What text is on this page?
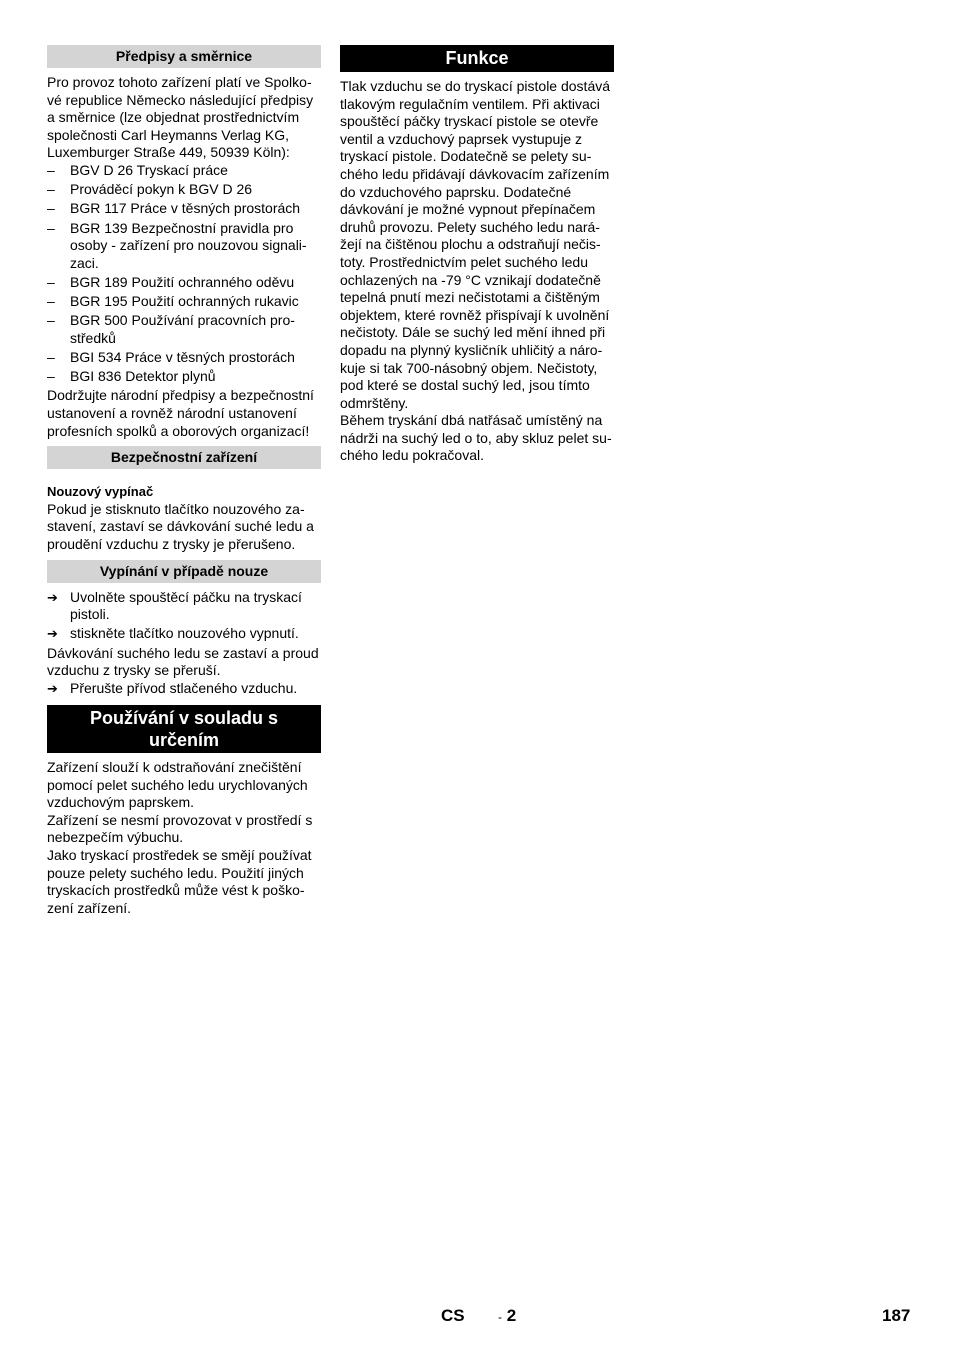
Předpisy a směrnice

Pro provoz tohoto zařízení platí ve Spolkové republice Německo následující předpisy a směrnice (lze objednat prostřednictvím společnosti Carl Heymanns Verlag KG, Luxemburger Straße 449, 50939 Köln):

– BGV D 26 Tryskací práce
– Prováděcí pokyn k BGV D 26
– BGR 117 Práce v těsných prostorách
– BGR 139 Bezpečnostní pravidla pro osoby - zařízení pro nouzovou signalizaci.
– BGR 189 Použití ochranného oděvu
– BGR 195 Použití ochranných rukavic
– BGR 500 Používání pracovních prostředků
– BGI 534 Práce v těsných prostorách
– BGI 836 Detektor plynů

Dodržujte národní předpisy a bezpečnostní ustanovení a rovněž národní ustanovení profesních spolků a oborových organizací!

Bezpečnostní zařízení

Nouzový vypínač

Pokud je stisknuto tlačítko nouzového zastavení, zastaví se dávkování suché ledu a proudění vzduchu z trysky je přerušeno.

Vypínání v případě nouze
➔ Uvolněte spouštěcí páčku na tryskací pistoli.
➔ stiskněte tlačítko nouzového vypnutí.

Dávkování suchého ledu se zastaví a proud vzduchu z trysky se přeruší.

➔ Přerušte přívod stlačeného vzduchu.
Používání v souladu s určením

Zařízení slouží k odstraňování znečištění pomocí pelet suchého ledu urychlovaných vzduchovým paprskem.

Zařízení se nesmí provozovat v prostředí s nebezpečím výbuchu.

Jako tryskací prostředek se smějí používat pouze pelety suchého ledu. Použití jiných tryskacích prostředků může vést k poškození zařízení.

Funkce

Tlak vzduchu se do tryskací pistole dostává tlakovým regulačním ventilem. Při aktivaci spouštěcí páčky tryskací pistole se otevře ventil a vzduchový paprsek vystupuje z tryskací pistole. Dodatečně se pelety suchého ledu přidávají dávkovacím zařízením do vzduchového paprsku. Dodatečné dávkování je možné vypnout přepínačem druhů provozu. Pelety suchého ledu narážejí na čištěnou plochu a odstraňují nečistoty. Prostřednictvím pelet suchého ledu ochlazených na -79 °C vznikají dodatečně tepelná pnutí mezi nečistotami a čištěným objektem, které rovněž přispívají k uvolnění nečistoty. Dále se suchý led mění ihned při dopadu na plynný kysličník uhličitý a nárokuje si tak 700-násobný objem. Nečistoty, pod které se dostal suchý led, jsou tímto odmrštěny.

Během tryskání dbá natřásač umístěný na nádrži na suchý led o to, aby skluz pelet suchého ledu pokračoval.

CS	- 2	187
